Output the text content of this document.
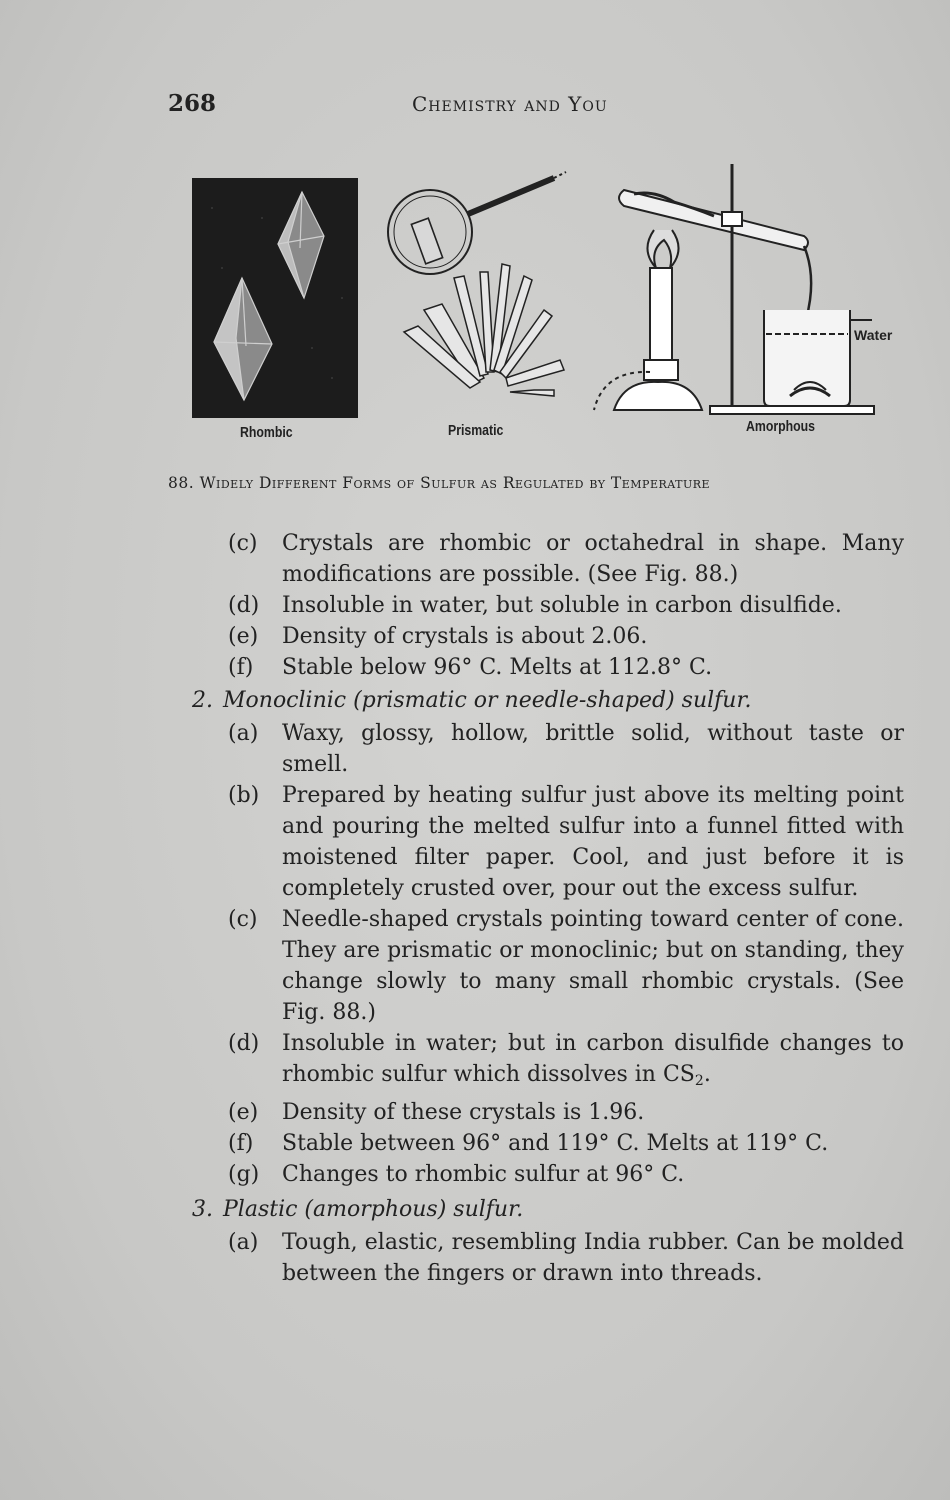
268	Chemistry and You
Rhombic	Prismatic
Water
Amorphous
88. Widely Different Forms of Sulfur as Regulated by Temperature

(c)	Crystals are rhombic or octahedral in shape. Many modifications are possible. (See Fig. 88.)

(d)	Insoluble in water, but soluble in carbon disulfide.

(e)	Density of crystals is about 2.06.

(f)	Stable below 96° C. Melts at 112.8° C.

2. Monoclinic (prismatic or needle-shaped) sulfur.

(a)	Waxy, glossy, hollow, brittle solid, without taste or smell.

(b)	Prepared by heating sulfur just above its melting point and pouring the melted sulfur into a funnel fitted with moistened filter paper. Cool, and just before it is completely crusted over, pour out the excess sulfur.

(c)	Needle-shaped crystals pointing toward center of cone. They are prismatic or monoclinic; but on standing, they change slowly to many small rhombic crystals. (See Fig. 88.)

(d)	Insoluble in water; but in carbon disulfide changes to rhombic sulfur which dissolves in $CS_2$.

(e)	Density of these crystals is 1.96.

(f)	Stable between 96° and 119° C. Melts at 119° C.

(g)	Changes to rhombic sulfur at 96° C.

3. Plastic (amorphous) sulfur.

(a)	Tough, elastic, resembling India rubber. Can be molded between the fingers or drawn into threads.
